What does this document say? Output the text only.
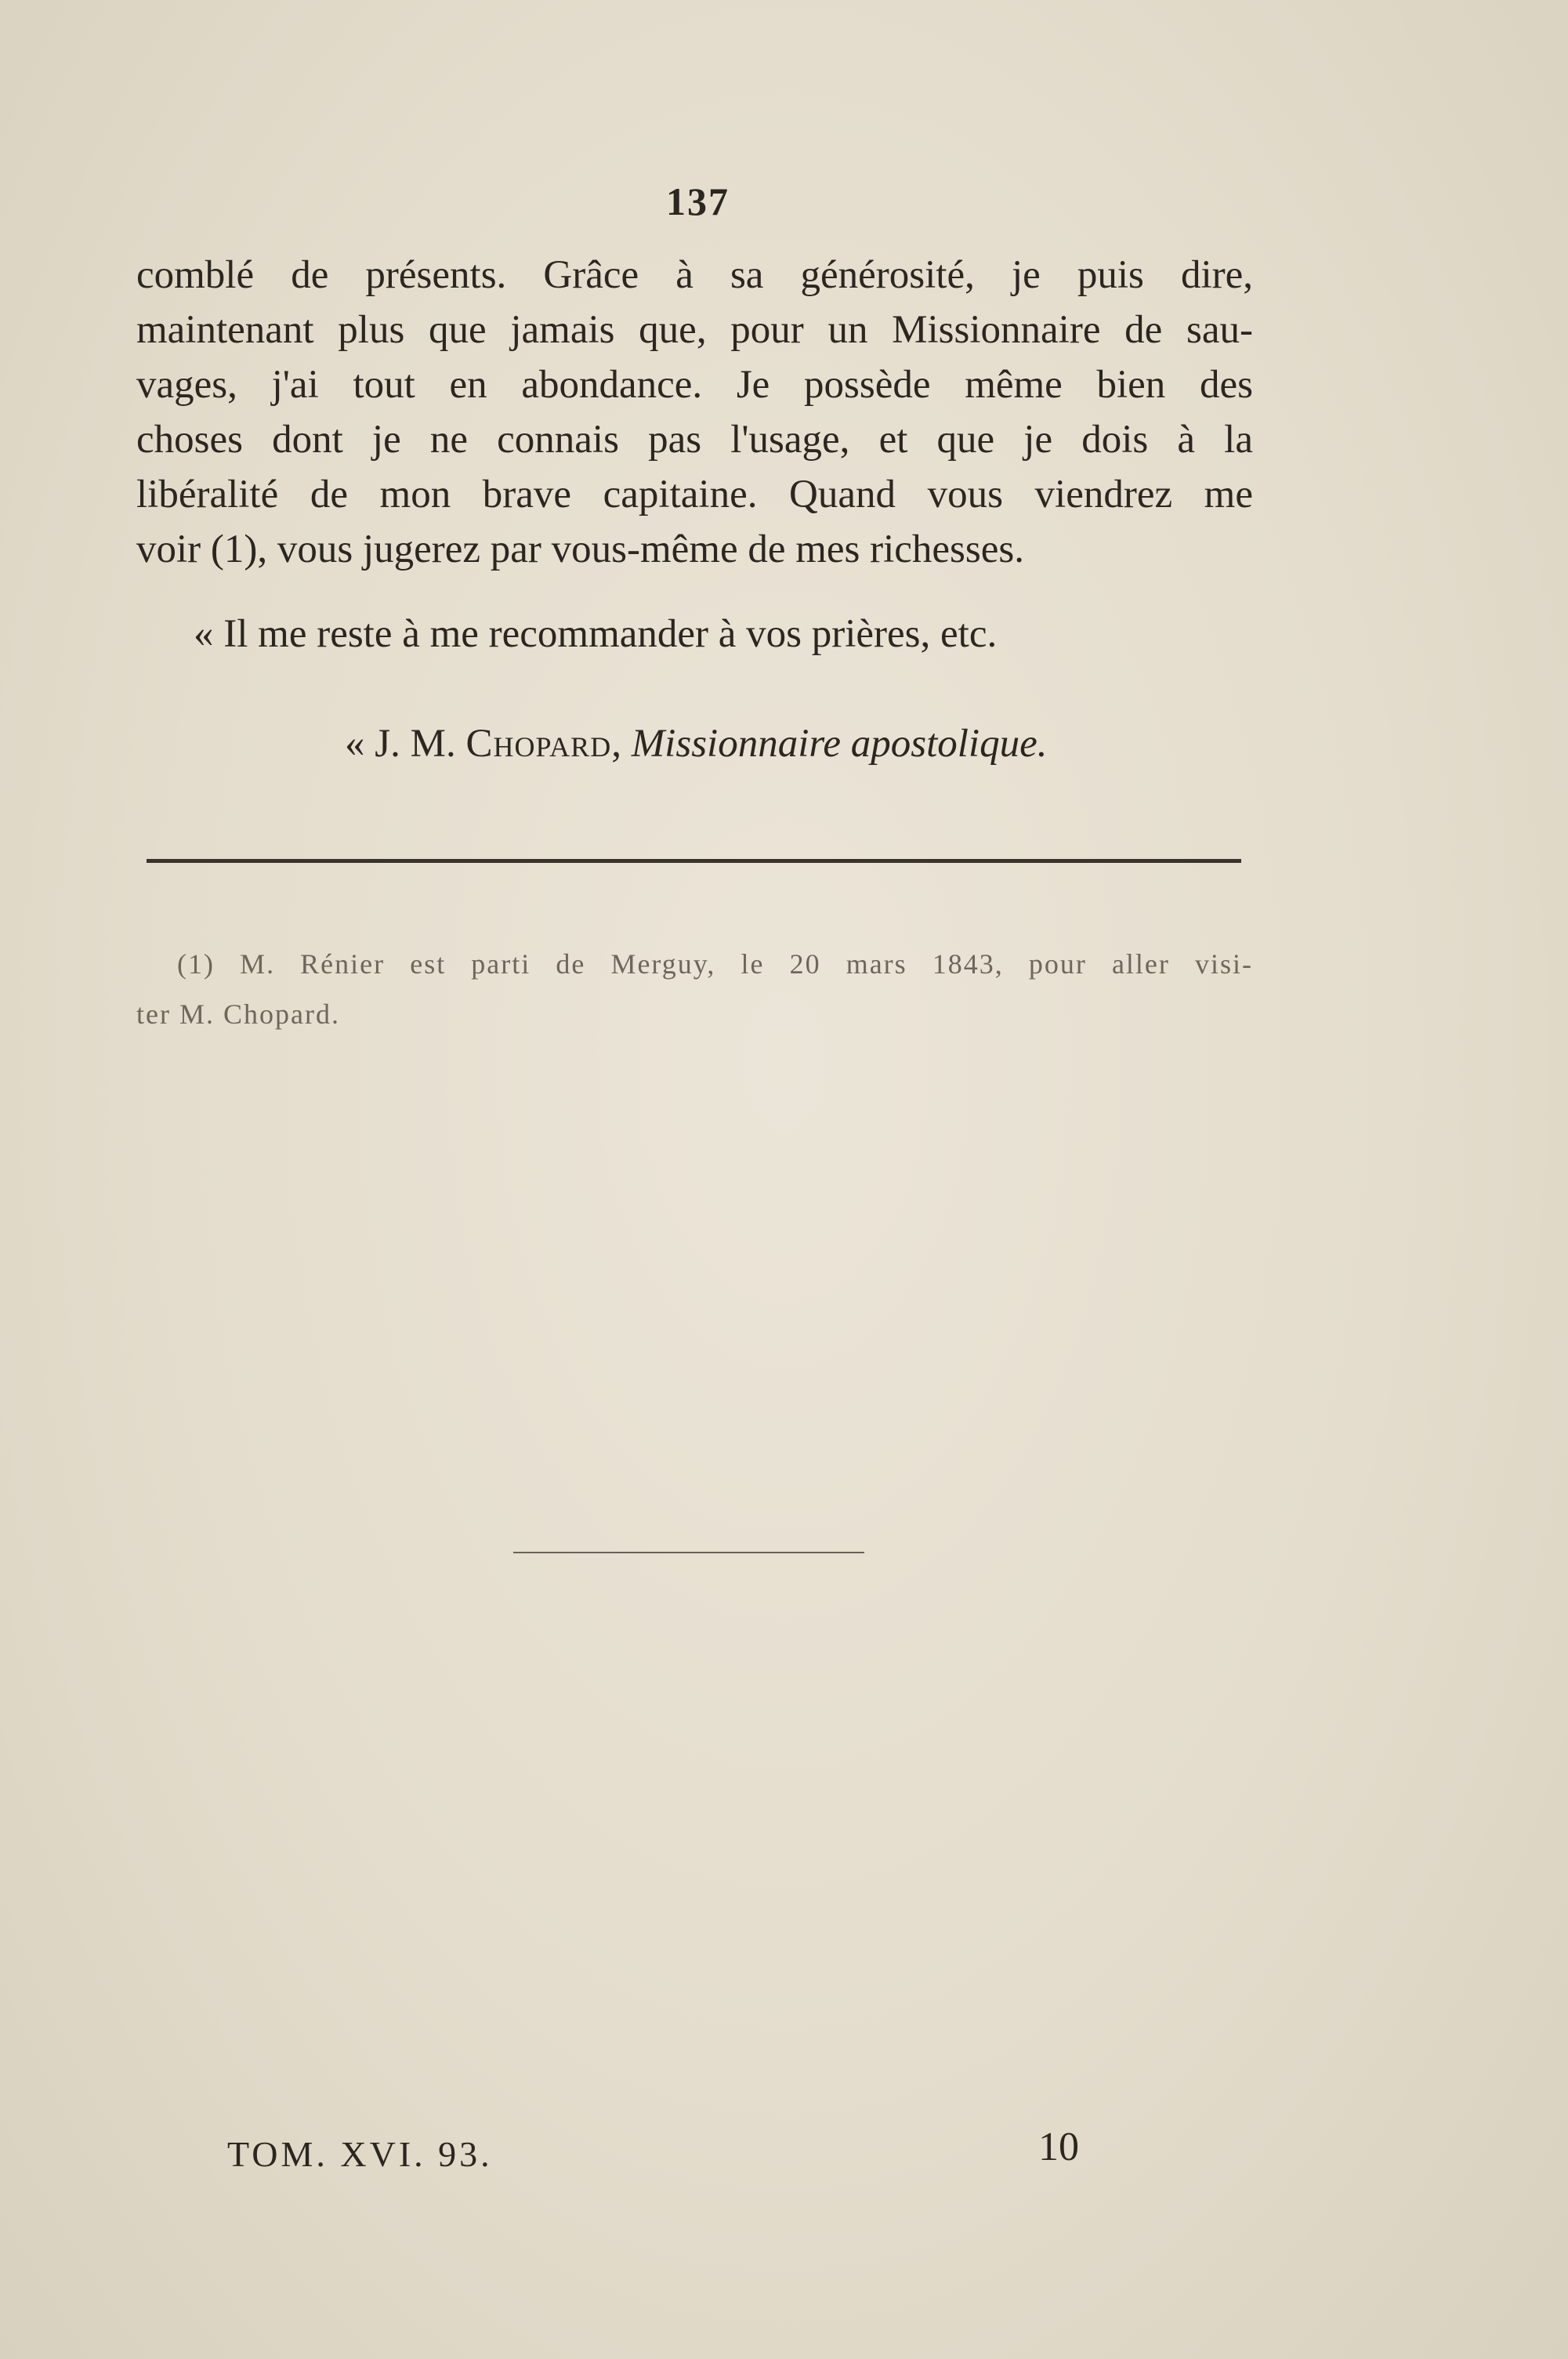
137
comblé de présents. Grâce à sa générosité, je puis dire,
maintenant plus que jamais que, pour un Missionnaire de sau-
vages, j'ai tout en abondance. Je possède même bien des
choses dont je ne connais pas l'usage, et que je dois à la
libéralité de mon brave capitaine. Quand vous viendrez me
voir (1), vous jugerez par vous-même de mes richesses.
« Il me reste à me recommander à vos prières, etc.
« J. M. Chopard, Missionnaire apostolique.
(1) M. Rénier est parti de Merguy, le 20 mars 1843, pour aller visi-
ter M. Chopard.
TOM. XVI. 93.	10
